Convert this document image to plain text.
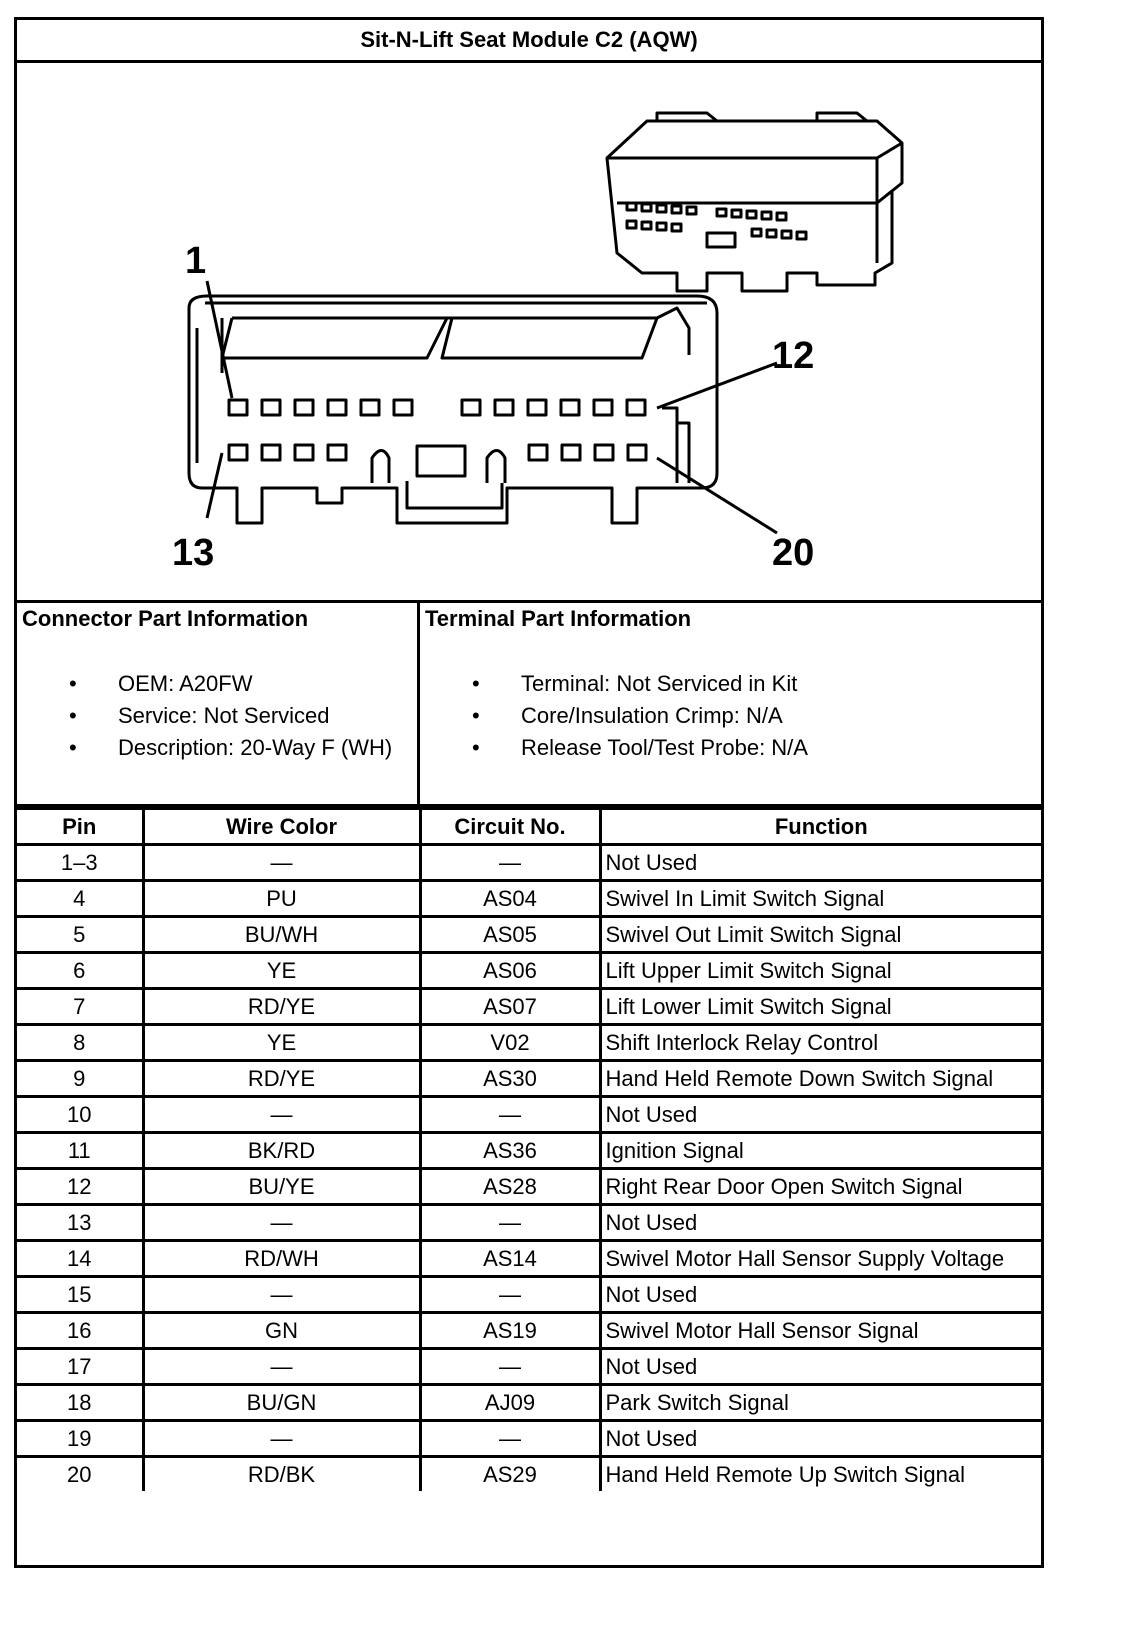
Sit-N-Lift Seat Module C2 (AQW)
1
12
13	20
Connector Part Information
• OEM: A20FW
• Service: Not Serviced
• Description: 20-Way F (WH)
Terminal Part Information
• Terminal: Not Serviced in Kit
• Core/Insulation Crimp: N/A
• Release Tool/Test Probe: N/A
Pin	Wire Color	Circuit No.	Function
1–3	—	—	Not Used
4	PU	AS04	Swivel In Limit Switch Signal
5	BU/WH	AS05	Swivel Out Limit Switch Signal
6	YE	AS06	Lift Upper Limit Switch Signal
7	RD/YE	AS07	Lift Lower Limit Switch Signal
8	YE	V02	Shift Interlock Relay Control
9	RD/YE	AS30	Hand Held Remote Down Switch Signal
10	—	—	Not Used
11	BK/RD	AS36	Ignition Signal
12	BU/YE	AS28	Right Rear Door Open Switch Signal
13	—	—	Not Used
14	RD/WH	AS14	Swivel Motor Hall Sensor Supply Voltage
15	—	—	Not Used
16	GN	AS19	Swivel Motor Hall Sensor Signal
17	—	—	Not Used
18	BU/GN	AJ09	Park Switch Signal
19	—	—	Not Used
20	RD/BK	AS29	Hand Held Remote Up Switch Signal
